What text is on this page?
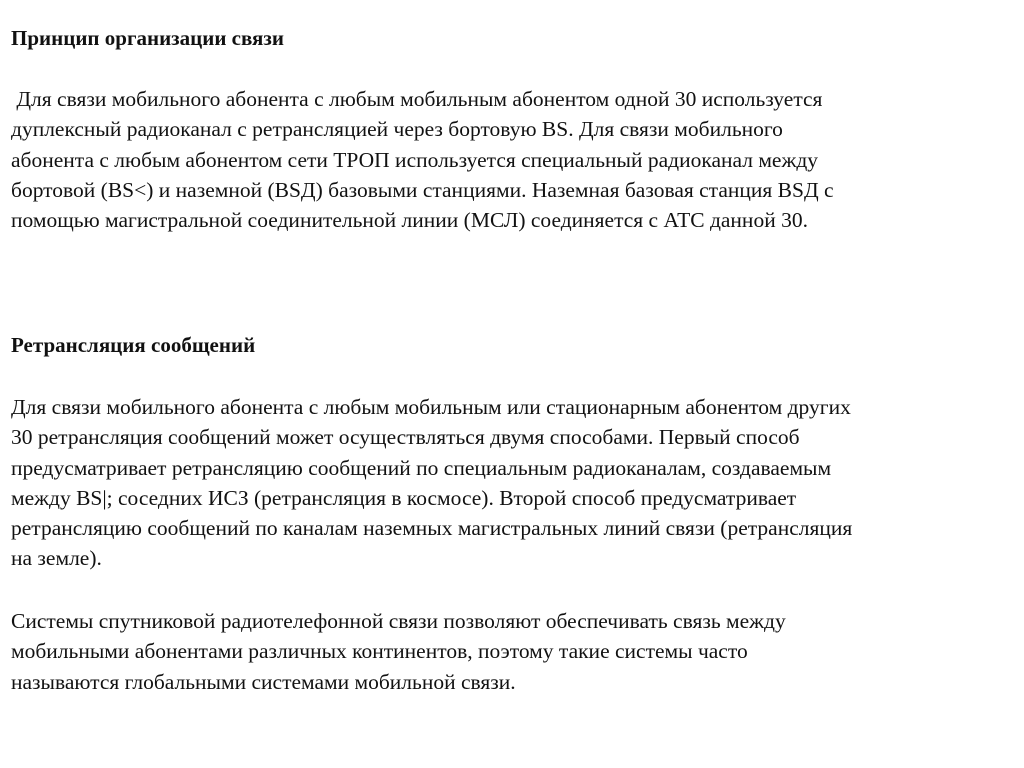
Принцип организации связи

Для связи мобильного абонента с любым мобильным абонентом одной 30 используется
дуплексный радиоканал с ретрансляцией через бортовую BS. Для связи мобильного
абонента с любым абонентом сети ТРОП используется специальный радиоканал между
бортовой (BS<) и наземной (BSД) базовыми станциями. Наземная базовая станция BSД с
помощью магистральной соединительной линии (МСЛ) соединяется с АТС данной 30.

Ретрансляция сообщений

Для связи мобильного абонента с любым мобильным или стационарным абонентом других
30 ретрансляция сообщений может осуществляться двумя способами. Первый способ
предусматривает ретрансляцию сообщений по специальным радиоканалам, создаваемым
между BS|; соседних ИСЗ (ретрансляция в космосе). Второй способ предусматривает
ретрансляцию сообщений по каналам наземных магистральных линий связи (ретрансляция
на земле).

Системы спутниковой радиотелефонной связи позволяют обеспечивать связь между
мобильными абонентами различных континентов, поэтому такие системы часто
называются глобальными системами мобильной связи.
